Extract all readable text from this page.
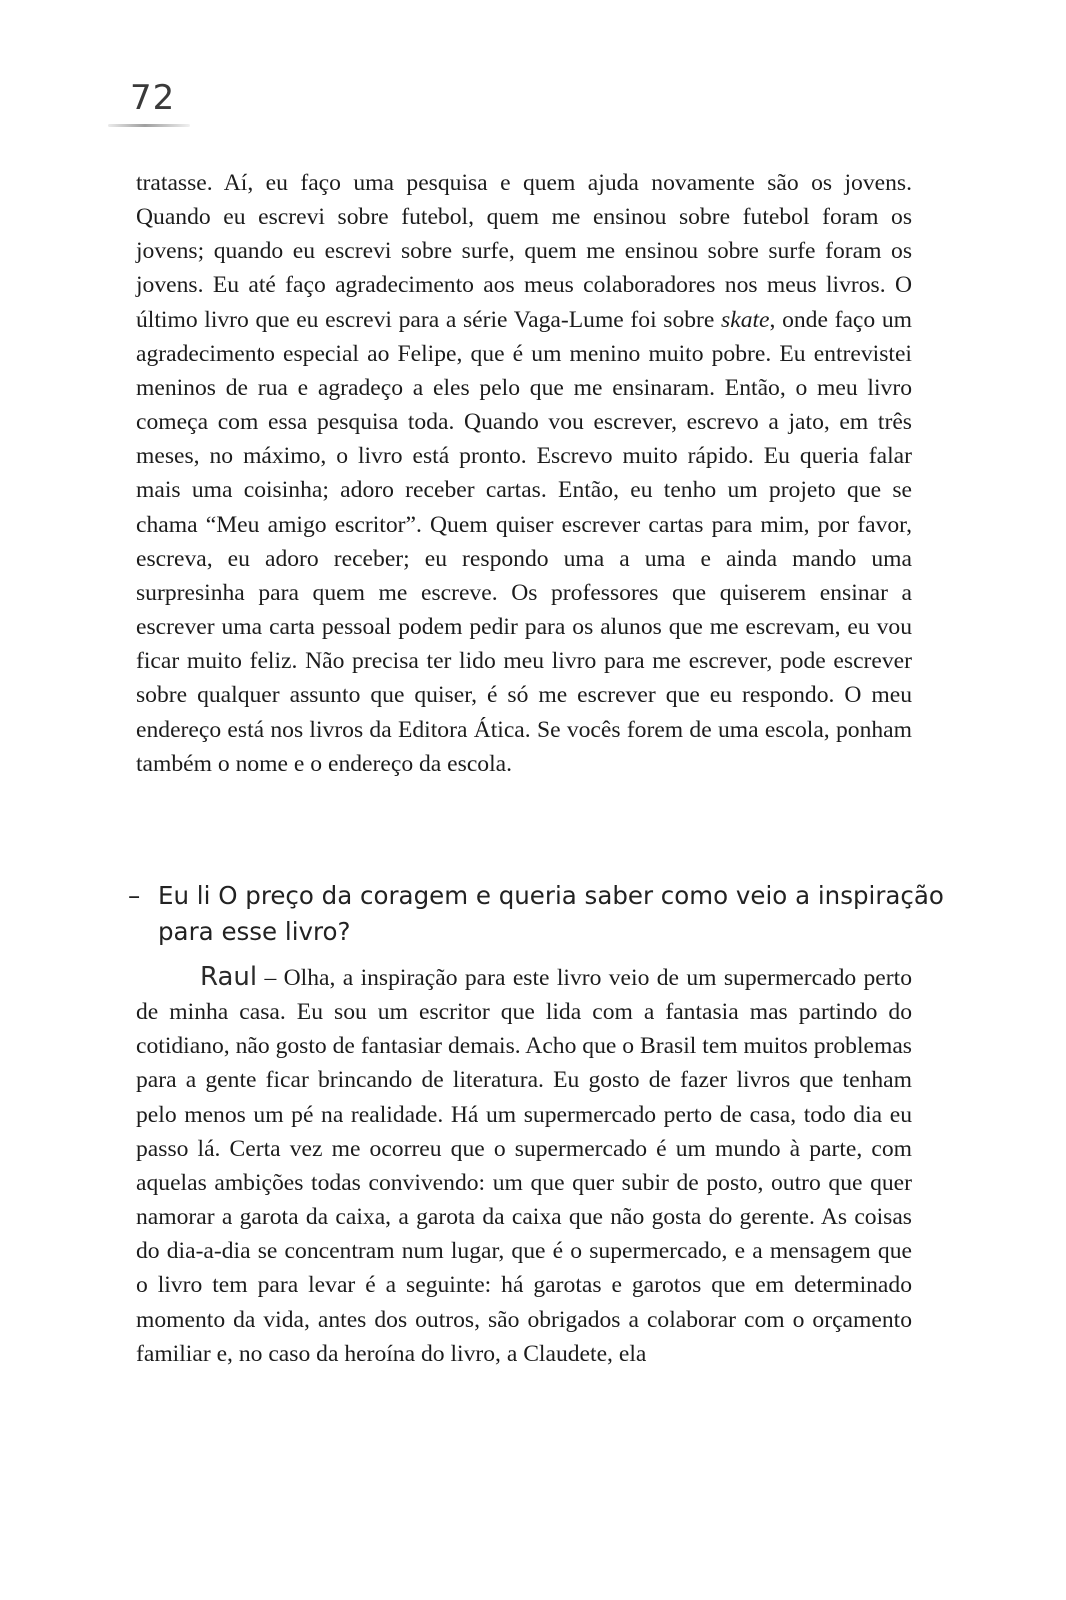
72

tratasse. Aí, eu faço uma pesquisa e quem ajuda novamente são os jovens. Quando eu escrevi sobre futebol, quem me ensinou sobre futebol foram os jovens; quando eu escrevi sobre surfe, quem me ensinou sobre surfe foram os jovens. Eu até faço agradecimento aos meus colaboradores nos meus livros. O último livro que eu escrevi para a série Vaga-Lume foi sobre skate, onde faço um agradecimento especial ao Felipe, que é um menino muito pobre. Eu entrevistei meninos de rua e agradeço a eles pelo que me ensinaram. Então, o meu livro começa com essa pesquisa toda. Quando vou escrever, escrevo a jato, em três meses, no máximo, o livro está pronto. Escrevo muito rápido. Eu queria falar mais uma coisinha; adoro receber cartas. Então, eu tenho um projeto que se chama “Meu amigo escritor”. Quem quiser escrever cartas para mim, por favor, escreva, eu adoro receber; eu respondo uma a uma e ainda mando uma surpresinha para quem me escreve. Os professores que quiserem ensinar a escrever uma carta pessoal podem pedir para os alunos que me escrevam, eu vou ficar muito feliz. Não precisa ter lido meu livro para me escrever, pode escrever sobre qualquer assunto que quiser, é só me escrever que eu respondo. O meu endereço está nos livros da Editora Ática. Se vocês forem de uma escola, ponham também o nome e o endereço da escola.

– Eu li O preço da coragem e queria saber como veio a inspiração para esse livro?

Raul – Olha, a inspiração para este livro veio de um supermercado perto de minha casa. Eu sou um escritor que lida com a fantasia mas partindo do cotidiano, não gosto de fantasiar demais. Acho que o Brasil tem muitos problemas para a gente ficar brincando de literatura. Eu gosto de fazer livros que tenham pelo menos um pé na realidade. Há um supermercado perto de casa, todo dia eu passo lá. Certa vez me ocorreu que o supermercado é um mundo à parte, com aquelas ambições todas convivendo: um que quer subir de posto, outro que quer namorar a garota da caixa, a garota da caixa que não gosta do gerente. As coisas do dia-a-dia se concentram num lugar, que é o supermercado, e a mensagem que o livro tem para levar é a seguinte: há garotas e garotos que em determinado momento da vida, antes dos outros, são obrigados a colaborar com o orçamento familiar e, no caso da heroína do livro, a Claudete, ela
